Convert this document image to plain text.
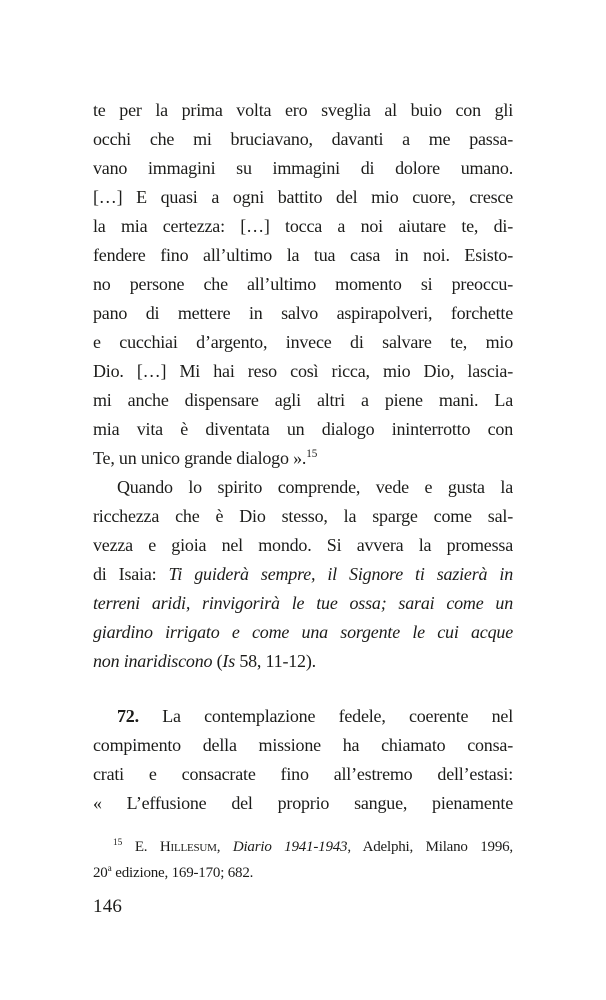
te per la prima volta ero sveglia al buio con gli
occhi che mi bruciavano, davanti a me passa-
vano immagini su immagini di dolore umano.
[…] E quasi a ogni battito del mio cuore, cresce
la mia certezza: […] tocca a noi aiutare te, di-
fendere fino all’ultimo la tua casa in noi. Esisto-
no persone che all’ultimo momento si preoccu-
pano di mettere in salvo aspirapolveri, forchette
e cucchiai d’argento, invece di salvare te, mio
Dio. […] Mi hai reso così ricca, mio Dio, lascia-
mi anche dispensare agli altri a piene mani. La
mia vita è diventata un dialogo ininterrotto con
Te, un unico grande dialogo ».$^{15}$
Quando lo spirito comprende, vede e gusta la
ricchezza che è Dio stesso, la sparge come sal-
vezza e gioia nel mondo. Si avvera la promessa
di Isaia: Ti guiderà sempre, il Signore ti sazierà in
terreni aridi, rinvigorirà le tue ossa; sarai come un
giardino irrigato e come una sorgente le cui acque
non inaridiscono (Is 58, 11-12).
72. La contemplazione fedele, coerente nel
compimento della missione ha chiamato consa-
crati e consacrate fino all’estremo dell’estasi:
« L’effusione del proprio sangue, pienamente
$^{15}$ E. Hillesum, Diario 1941-1943, Adelphi, Milano 1996,
20$^a$ edizione, 169-170; 682.
146
